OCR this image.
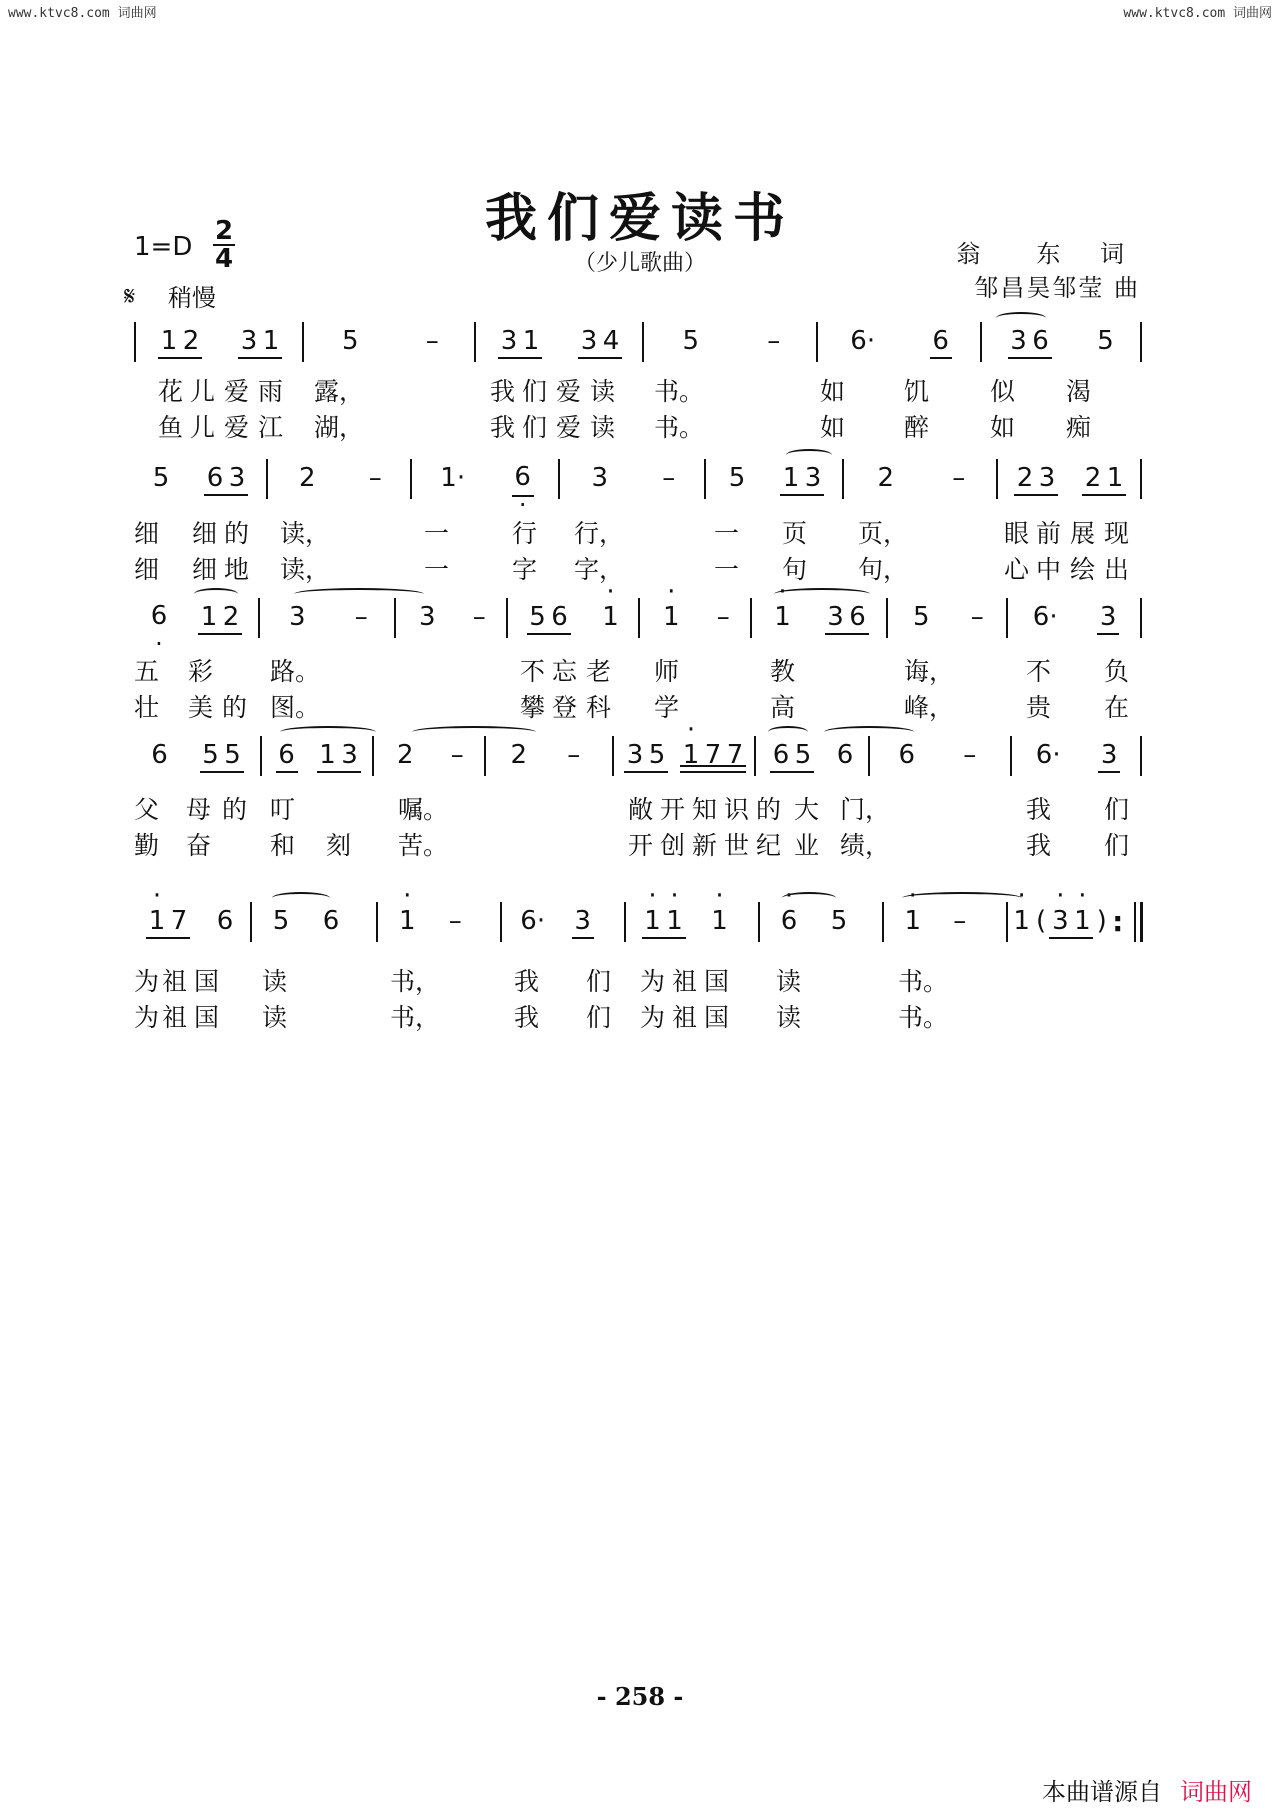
www.ktvc8.com 词曲网	www.ktvc8.com 词曲网
我们爱读书
（少儿歌曲）
1=D
2
4
𝄋 稍慢
翁　东 词
邹昌昊邹莹 曲
1 2 3 1 5	– 3 1 3 4 5	–	6· 6 3 6 5
花 儿 爱 雨 露，	我 们 爱 读 书。	如 饥 似 渴
鱼 儿 爱 江 湖，	我 们 爱 读 书。	如 醉 如 痴
5 6 3 2 – 1· · 6 3 – 5 1 3 2 – 2 3 2 1
细 细 的 读，	一	行 行，	一 页 页，	眼 前 展 现
细 细 地 读，	一	字 字，	一 句 句，	心 中 绘 出
· 6 1 2 3 – 3 – 5 6 · 1 · 1 – · 1 3 6 5 – 6· 3
五 彩 路。	不 忘 老 师	教	诲，	不 负
壮 美 的 图。	攀 登 科 学	高	峰，	贵 在
6 5 5 6 1 3 2 – 2 – 3 5 · 1 7 7 6 5 6 6 – 6· 3
父 母 的 叮	嘱。	敞 开 知 识 的 大 门，	我 们
勤 奋 和 刻 苦。	开 创 新 世 纪 业 绩，	我 们
· 1 7 6 5 6 · 1 – 6· 3 · 1 · 1 · 1 · 6 5 · 1 – · 1 ( · 3 · 1 ) :
为 祖 国 读	书，	我 们 为 祖 国 读	书。
为 祖 国 读	书，	我 们 为 祖 国 读	书。
- 258 -
本曲谱源自 词曲网
